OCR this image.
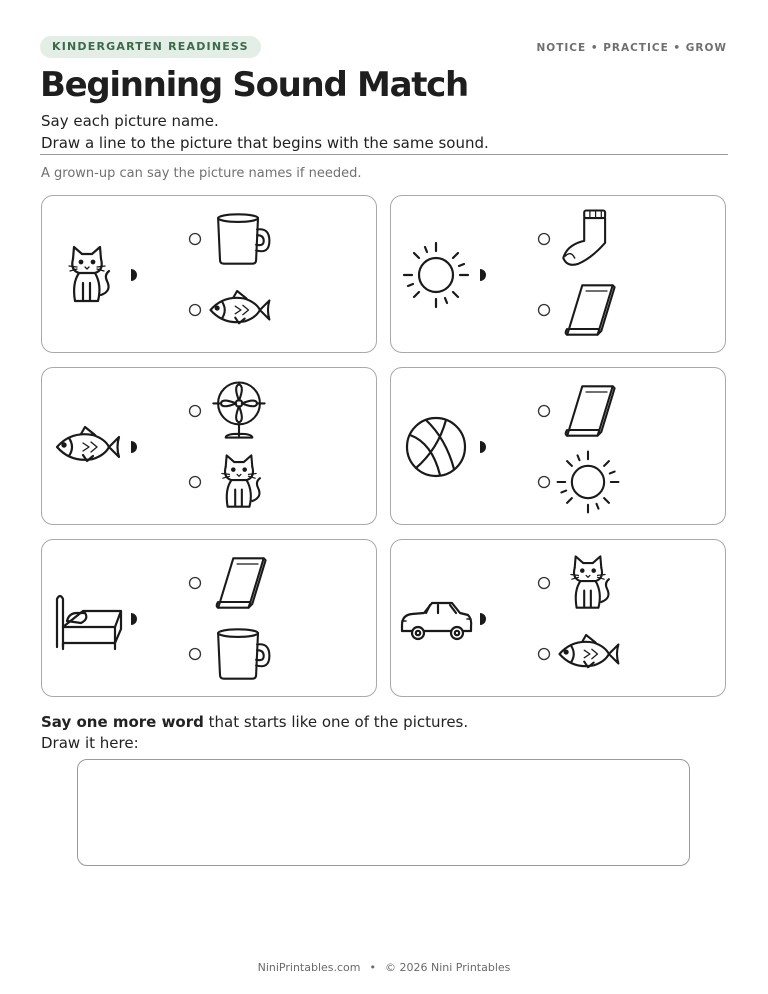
KINDERGARTEN READINESS	NOTICE • PRACTICE • GROW
Beginning Sound Match
Say each picture name.
Draw a line to the picture that begins with the same sound.
A grown-up can say the picture names if needed.
Say one more word that starts like one of the pictures.
Draw it here:
NiniPrintables.com • © 2026 Nini Printables
